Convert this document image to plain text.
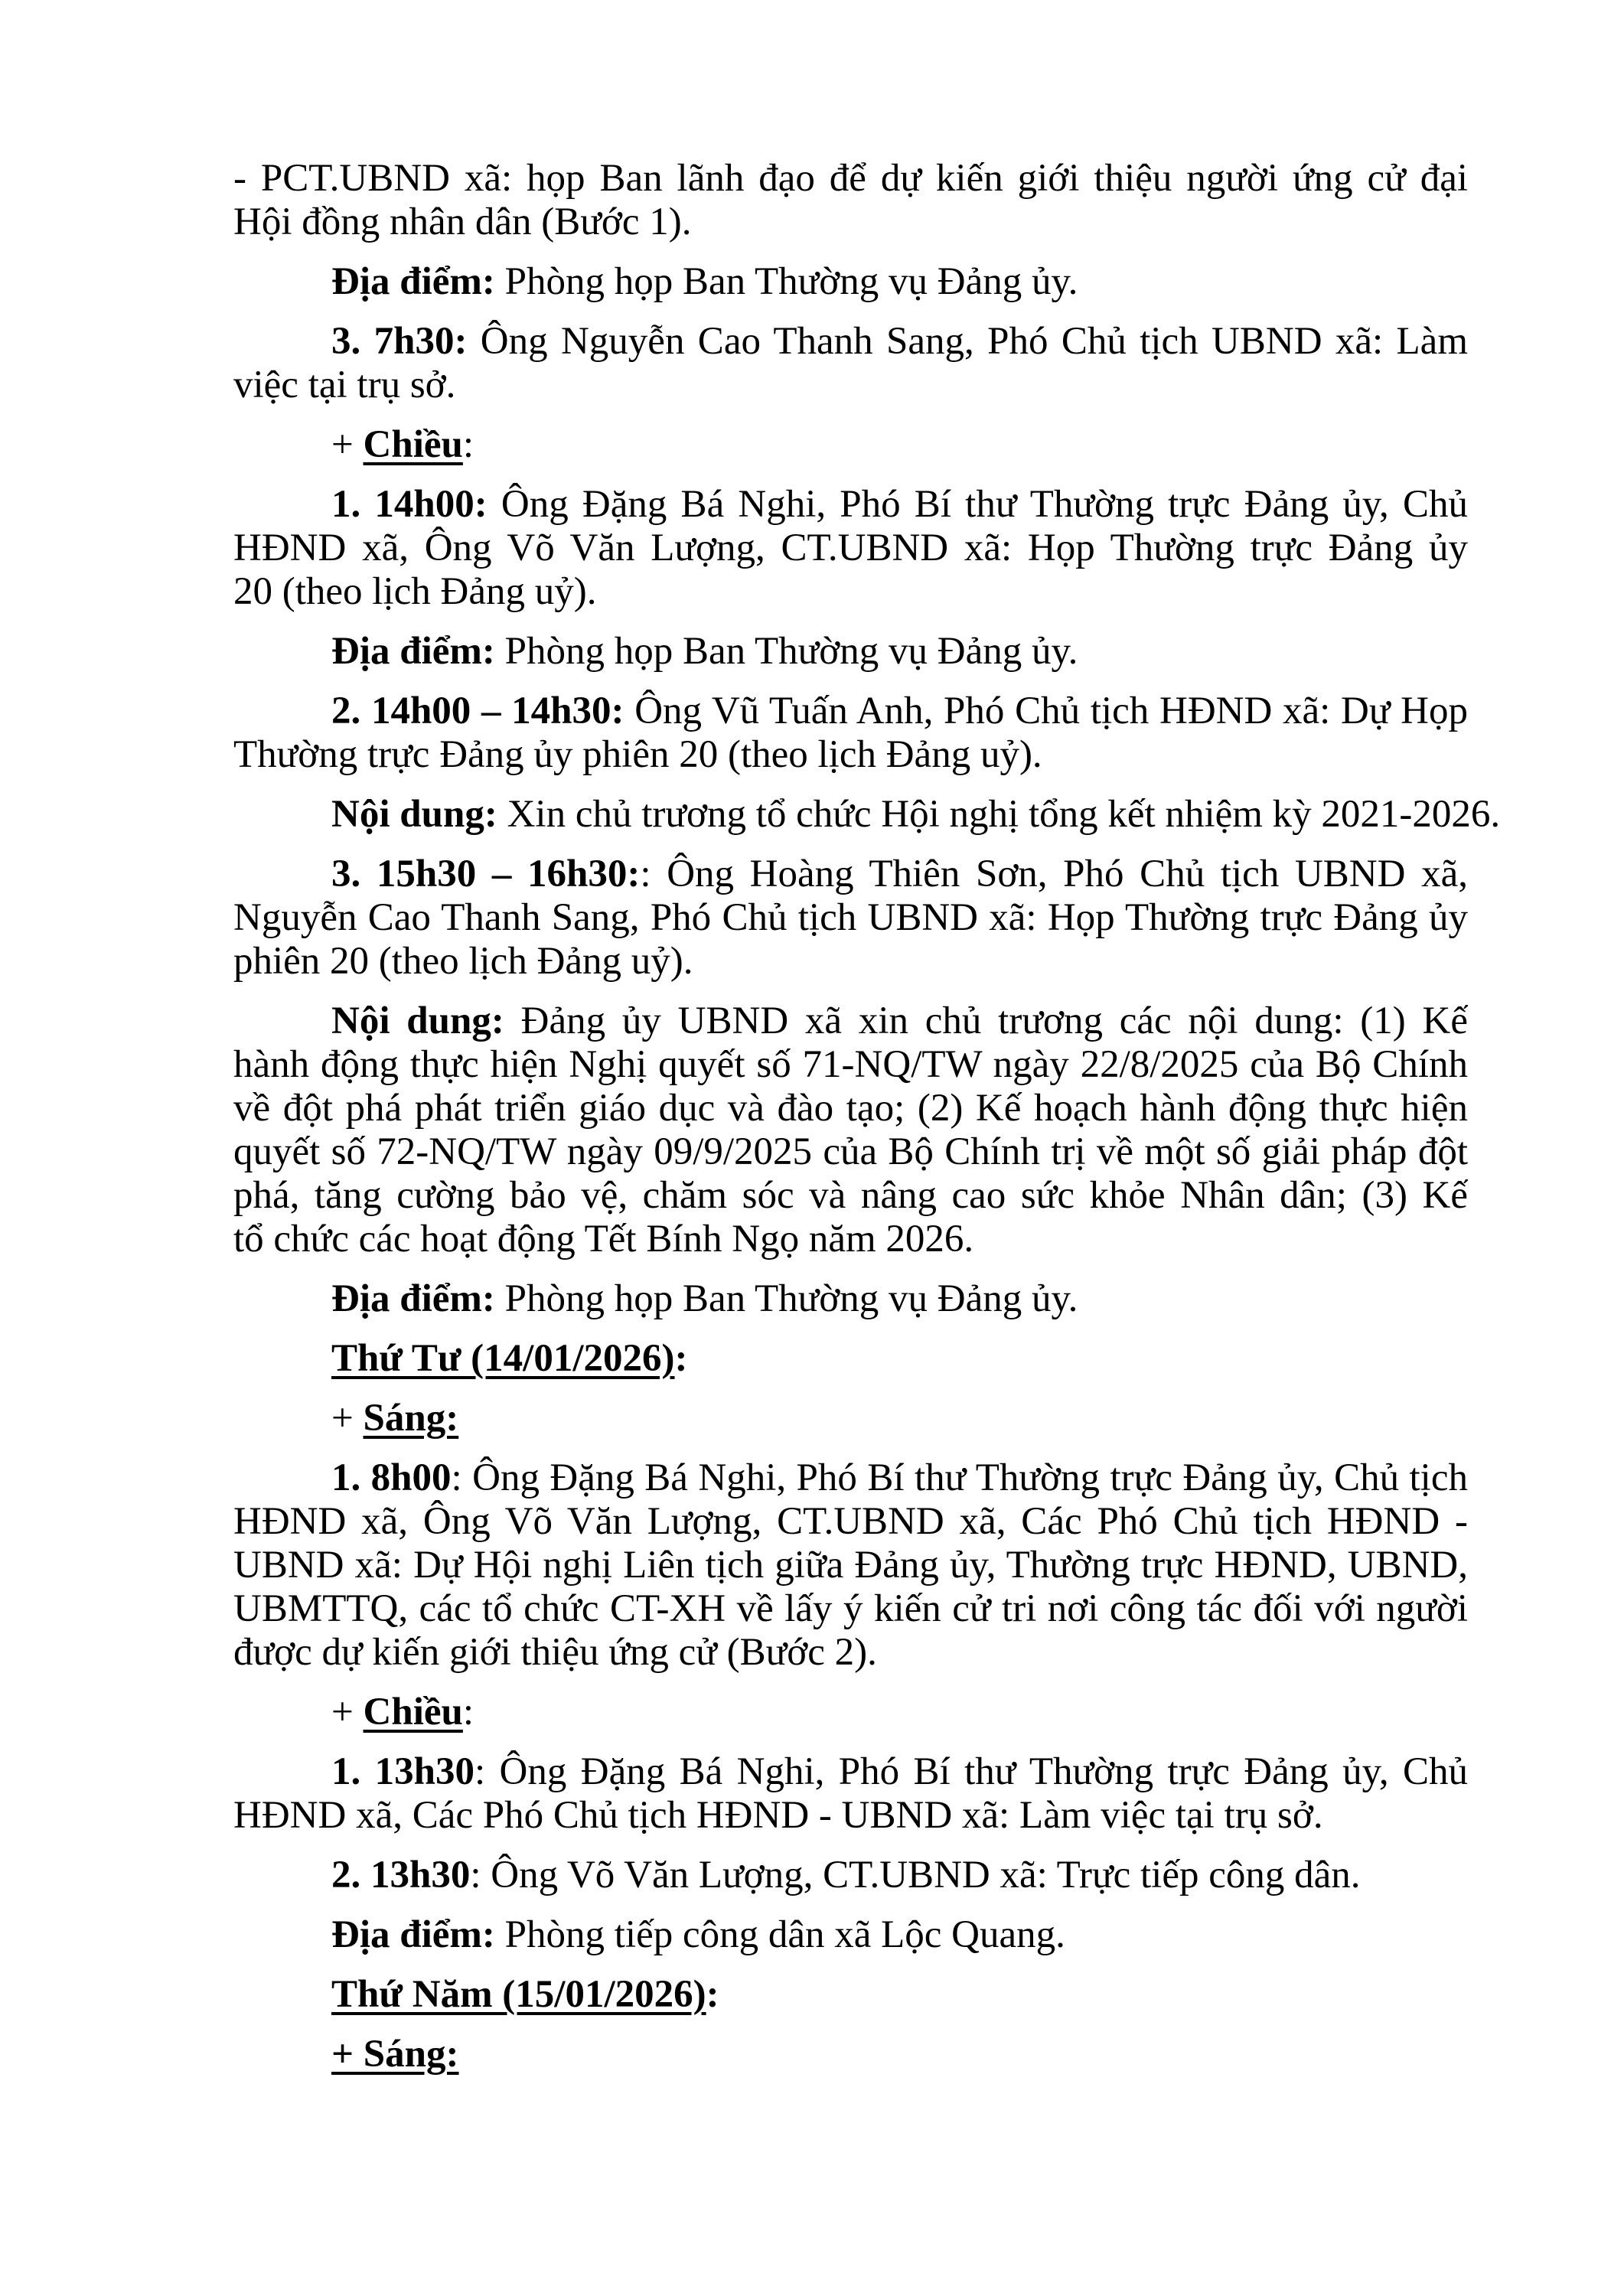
- PCT.UBND xã: họp Ban lãnh đạo để dự kiến giới thiệu người ứng cử đại
Hội đồng nhân dân (Bước 1).
Địa điểm: Phòng họp Ban Thường vụ Đảng ủy.
3. 7h30: Ông Nguyễn Cao Thanh Sang, Phó Chủ tịch UBND xã: Làm
việc tại trụ sở.
+ Chiều:
1. 14h00: Ông Đặng Bá Nghi, Phó Bí thư Thường trực Đảng ủy, Chủ
HĐND xã, Ông Võ Văn Lượng, CT.UBND xã: Họp Thường trực Đảng ủy
20 (theo lịch Đảng uỷ).
Địa điểm: Phòng họp Ban Thường vụ Đảng ủy.
2. 14h00 – 14h30: Ông Vũ Tuấn Anh, Phó Chủ tịch HĐND xã: Dự Họp
Thường trực Đảng ủy phiên 20 (theo lịch Đảng uỷ).
Nội dung: Xin chủ trương tổ chức Hội nghị tổng kết nhiệm kỳ 2021-2026.
3. 15h30 – 16h30:: Ông Hoàng Thiên Sơn, Phó Chủ tịch UBND xã,
Nguyễn Cao Thanh Sang, Phó Chủ tịch UBND xã: Họp Thường trực Đảng ủy
phiên 20 (theo lịch Đảng uỷ).
Nội dung: Đảng ủy UBND xã xin chủ trương các nội dung: (1) Kế
hành động thực hiện Nghị quyết số 71-NQ/TW ngày 22/8/2025 của Bộ Chính
về đột phá phát triển giáo dục và đào tạo; (2) Kế hoạch hành động thực hiện
quyết số 72-NQ/TW ngày 09/9/2025 của Bộ Chính trị về một số giải pháp đột
phá, tăng cường bảo vệ, chăm sóc và nâng cao sức khỏe Nhân dân; (3) Kế
tổ chức các hoạt động Tết Bính Ngọ năm 2026.
Địa điểm: Phòng họp Ban Thường vụ Đảng ủy.
Thứ Tư (14/01/2026):
+ Sáng:
1. 8h00: Ông Đặng Bá Nghi, Phó Bí thư Thường trực Đảng ủy, Chủ tịch
HĐND xã, Ông Võ Văn Lượng, CT.UBND xã, Các Phó Chủ tịch HĐND -
UBND xã: Dự Hội nghị Liên tịch giữa Đảng ủy, Thường trực HĐND, UBND,
UBMTTQ, các tổ chức CT-XH về lấy ý kiến cử tri nơi công tác đối với người
được dự kiến giới thiệu ứng cử (Bước 2).
+ Chiều:
1. 13h30: Ông Đặng Bá Nghi, Phó Bí thư Thường trực Đảng ủy, Chủ
HĐND xã, Các Phó Chủ tịch HĐND - UBND xã: Làm việc tại trụ sở.
2. 13h30: Ông Võ Văn Lượng, CT.UBND xã: Trực tiếp công dân.
Địa điểm: Phòng tiếp công dân xã Lộc Quang.
Thứ Năm (15/01/2026):
+ Sáng:
